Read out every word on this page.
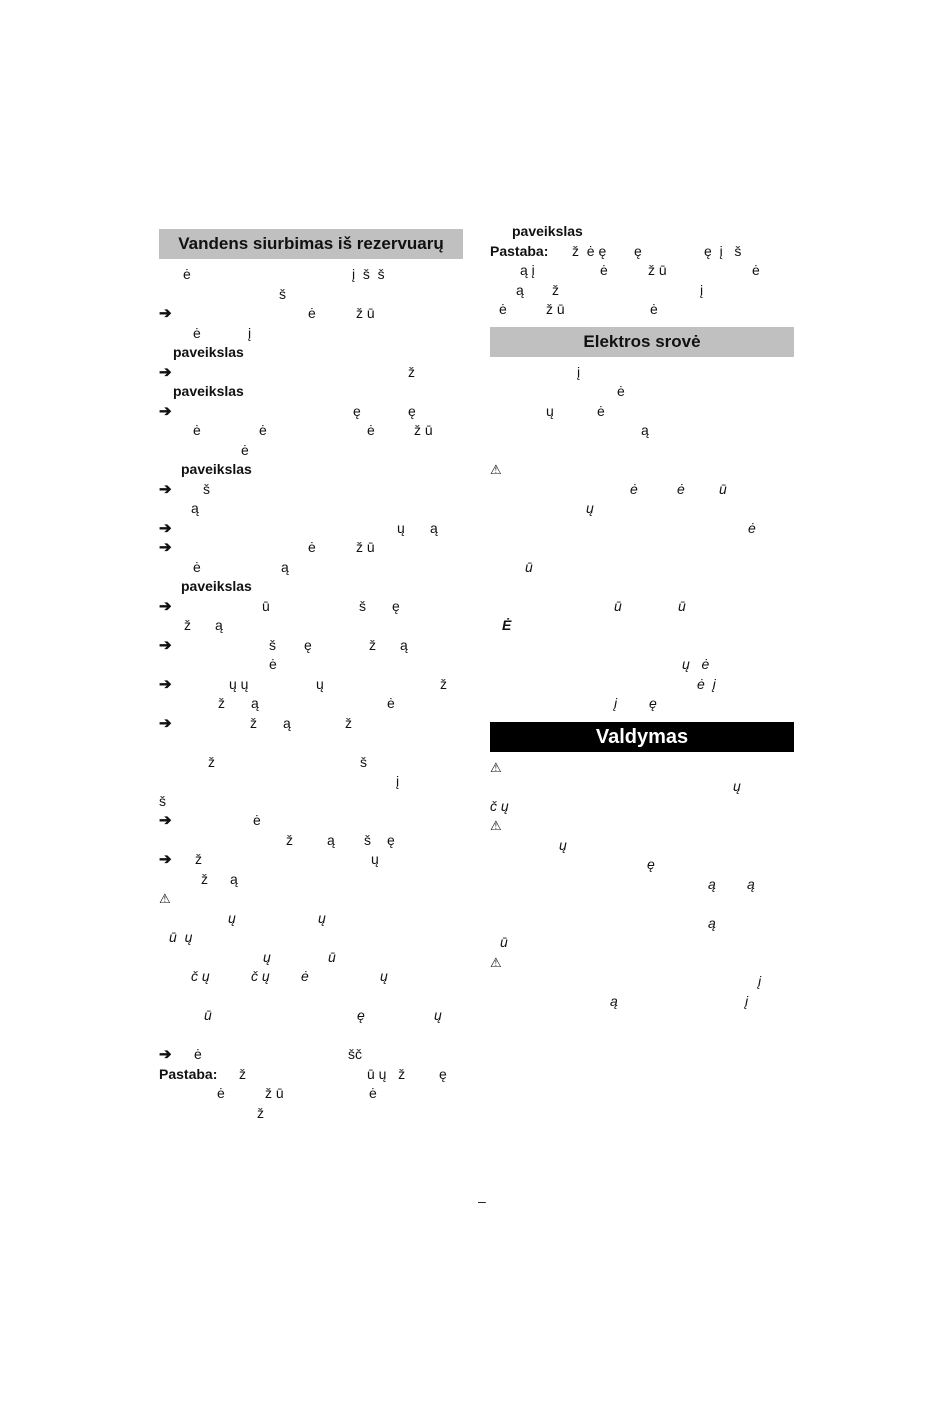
Vandens siurbimas iš rezervuarų
ė	į  š  š
š
➔	ė	ž ū
ė	į
paveikslas
➔	ž
paveikslas
➔	ę	ę
ė	ė	ė	ž ū
ė
paveikslas
➔ š
ą
➔	ų ą
➔	ė	ž ū
ė	ą
paveikslas
➔	ū	š ę
ž ą
➔	š ę	ž ą
ė
➔	ų ų	ų	ž
ž ą	ė
➔	ž ą	ž
ž	š
į
š
➔	ė
ž ą š ę
➔ ž	ų
ž ą
⚠
ų	ų
ū  ų
ų	ū
č ų	č ų ė	ų
ū	ę	ų
➔ ė	šč
Pastaba: ž	ū ų   ž ę
ė	ž ū	ė
ž
paveikslas
Pastaba: ž  ė ę ę	ę  į   š
ą į	ė	ž ū	ė
ą ž	į
ė	ž ū	ė
Elektros srovė
į
ė
ų	ė
ą
⚠
ė	ė ū
ų
ė
ū
ū	ū
Ė
ų   ė
ė  į
į ę
Valdymas
⚠
ų
č ų
⚠
ų
ę
ą ą
ą
ū
⚠
į
ą	į
–
